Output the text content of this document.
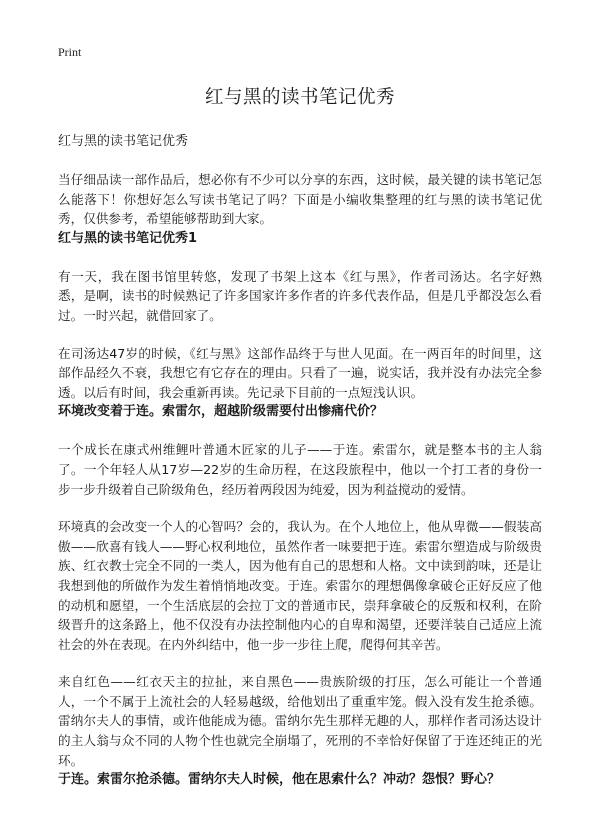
Print
红与黑的读书笔记优秀

红与黑的读书笔记优秀

当仔细品读一部作品后，想必你有不少可以分享的东西，这时候，最关键的读书笔记怎么能落下！你想好怎么写读书笔记了吗？下面是小编收集整理的红与黑的读书笔记优秀，仅供参考，希望能够帮助到大家。

红与黑的读书笔记优秀1

有一天，我在图书馆里转悠，发现了书架上这本《红与黑》，作者司汤达。名字好熟悉，是啊，读书的时候熟记了许多国家许多作者的许多代表作品，但是几乎都没怎么看过。一时兴起，就借回家了。

在司汤达47岁的时候，《红与黑》这部作品终于与世人见面。在一两百年的时间里，这部作品经久不衰，我想它有它存在的理由。只看了一遍，说实话，我并没有办法完全参透。以后有时间，我会重新再读。先记录下目前的一点短浅认识。

环境改变着于连。索雷尔，超越阶级需要付出惨痛代价？

一个成长在康式州维鲤叶普通木匠家的儿子——于连。索雷尔，就是整本书的主人翁了。一个年轻人从17岁—22岁的生命历程，在这段旅程中，他以一个打工者的身份一步一步升级着自己阶级角色，经历着两段因为纯爱，因为利益搅动的爱情。

环境真的会改变一个人的心智吗？会的，我认为。在个人地位上，他从卑微——假装高傲——欣喜有钱人——野心权利地位，虽然作者一味要把于连。索雷尔塑造成与阶级贵族、红衣教士完全不同的一类人，因为他有自己的思想和人格。文中读到韵味，还是让我想到他的所做作为发生着悄悄地改变。于连。索雷尔的理想偶像拿破仑正好反应了他的动机和愿望，一个生活底层的会拉丁文的普通市民，崇拜拿破仑的反叛和权利，在阶级晋升的这条路上，他不仅没有办法控制他内心的自卑和渴望，还要洋装自己适应上流社会的外在表现。在内外纠结中，他一步一步往上爬，爬得何其辛苦。

来自红色——红衣天主的拉扯，来自黑色——贵族阶级的打压，怎么可能让一个普通人，一个不属于上流社会的人轻易越级，给他划出了重重牢笼。假入没有发生抢杀德。雷纳尔夫人的事情，或许他能成为德。雷纳尔先生那样无趣的人，那样作者司汤达设计的主人翁与众不同的人物个性也就完全崩塌了，死刑的不幸恰好保留了于连还纯正的光环。

于连。索雷尔抢杀德。雷纳尔夫人时候，他在思索什么？冲动？怨恨？野心？
